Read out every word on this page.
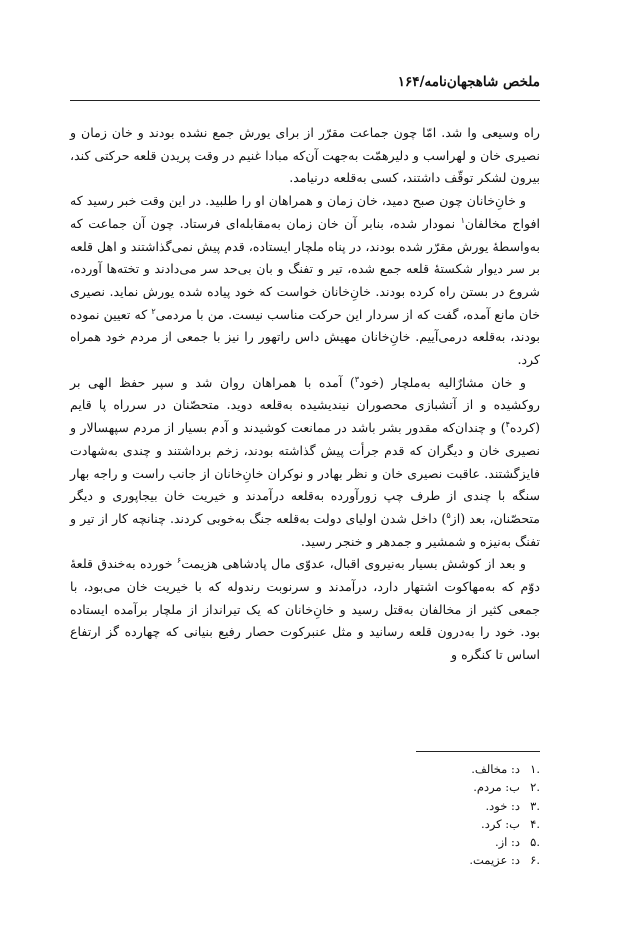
ملخص شاهجهان‌نامه/۱۶۴

راه وسیعی وا شد. امّا چون جماعت مقرّر از برای یورش جمع نشده بودند و خان زمان و نصیری خان و لهراسب و دلیرهمّت به‌جهت آن‌که مبادا غنیم در وقت پریدن قلعه حرکتی کند، بیرون لشکر توقّف داشتند، کسی به‌قلعه درنیامد.

و خانِ‌خانان چون صبح دمید، خان زمان و همراهان او را طلبید. در این وقت خبر رسید که افواج مخالفان$^۱$ نمودار شده، بنابر آن خان زمان به‌مقابله‌ای فرستاد. چون آن جماعت که به‌واسطهٔ یورش مقرّر شده بودند، در پناه ملچار ایستاده، قدم پیش نمی‌گذاشتند و اهل قلعه بر سر دیوار شکستهٔ قلعه جمع شده، تیر و تفنگ و بان بی‌حد سر می‌دادند و تخته‌ها آورده، شروع در بستن راه کرده بودند. خانِ‌خانان خواست که خود پیاده شده یورش نماید. نصیری خان مانع آمده، گفت که از سردار این حرکت مناسب نیست. من با مردمی$^۲$ که تعیین نموده بودند، به‌قلعه درمی‌آییم. خانِ‌خانان مهیش داس راتهور را نیز با جمعی از مردم خود همراه کرد.

و خان مشارٌالیه به‌ملچار (خود$^۳$) آمده با همراهان روان شد و سپر حفظ الهی بر روکشیده و از آتشبازی محصوران نیندیشیده به‌قلعه دوید. متحصّنان در سرراه پا قایم (کرده$^۴$) و چندان‌که مقدور بشر باشد در ممانعت کوشیدند و آدم بسیار از مردم سپهسالار و نصیری خان و دیگران که قدم جرأت پیش گذاشته بودند، زخم برداشتند و چندی به‌شهادت فایزگشتند. عاقبت نصیری خان و نظر بهادر و نوکران خانِ‌خانان از جانب راست و راجه بهار سنگه با چندی از طرف چپ زورآورده به‌قلعه درآمدند و خیریت خان بیجاپوری و دیگر متحصّنان، بعد (از$^۵$) داخل شدن اولیای دولت به‌قلعه جنگ به‌خوبی کردند. چنانچه کار از تیر و تفنگ به‌نیزه و شمشیر و جمدهر و خنجر رسید.

و بعد از کوشش بسیار به‌نیروی اقبال، عدوّی مال پادشاهی هزیمت$^۶$ خورده به‌خندق قلعهٔ دوّم که به‌مهاکوت اشتهار دارد، درآمدند و سرنوبت رندوله که با خیریت خان می‌بود، با جمعی کثیر از مخالفان به‌قتل رسید و خانِ‌خانان که یک تیرانداز از ملچار برآمده ایستاده بود. خود را به‌درون قلعه رسانید و مثل عنبرکوت حصار رفیع بنیانی که چهارده گز ارتفاع اساس تا کنگره و

.۱د: مخالف.
.۲ب: مردم.
.۳د: خود.
.۴ب: کرد.
.۵د: از.
.۶د: عزیمت.
